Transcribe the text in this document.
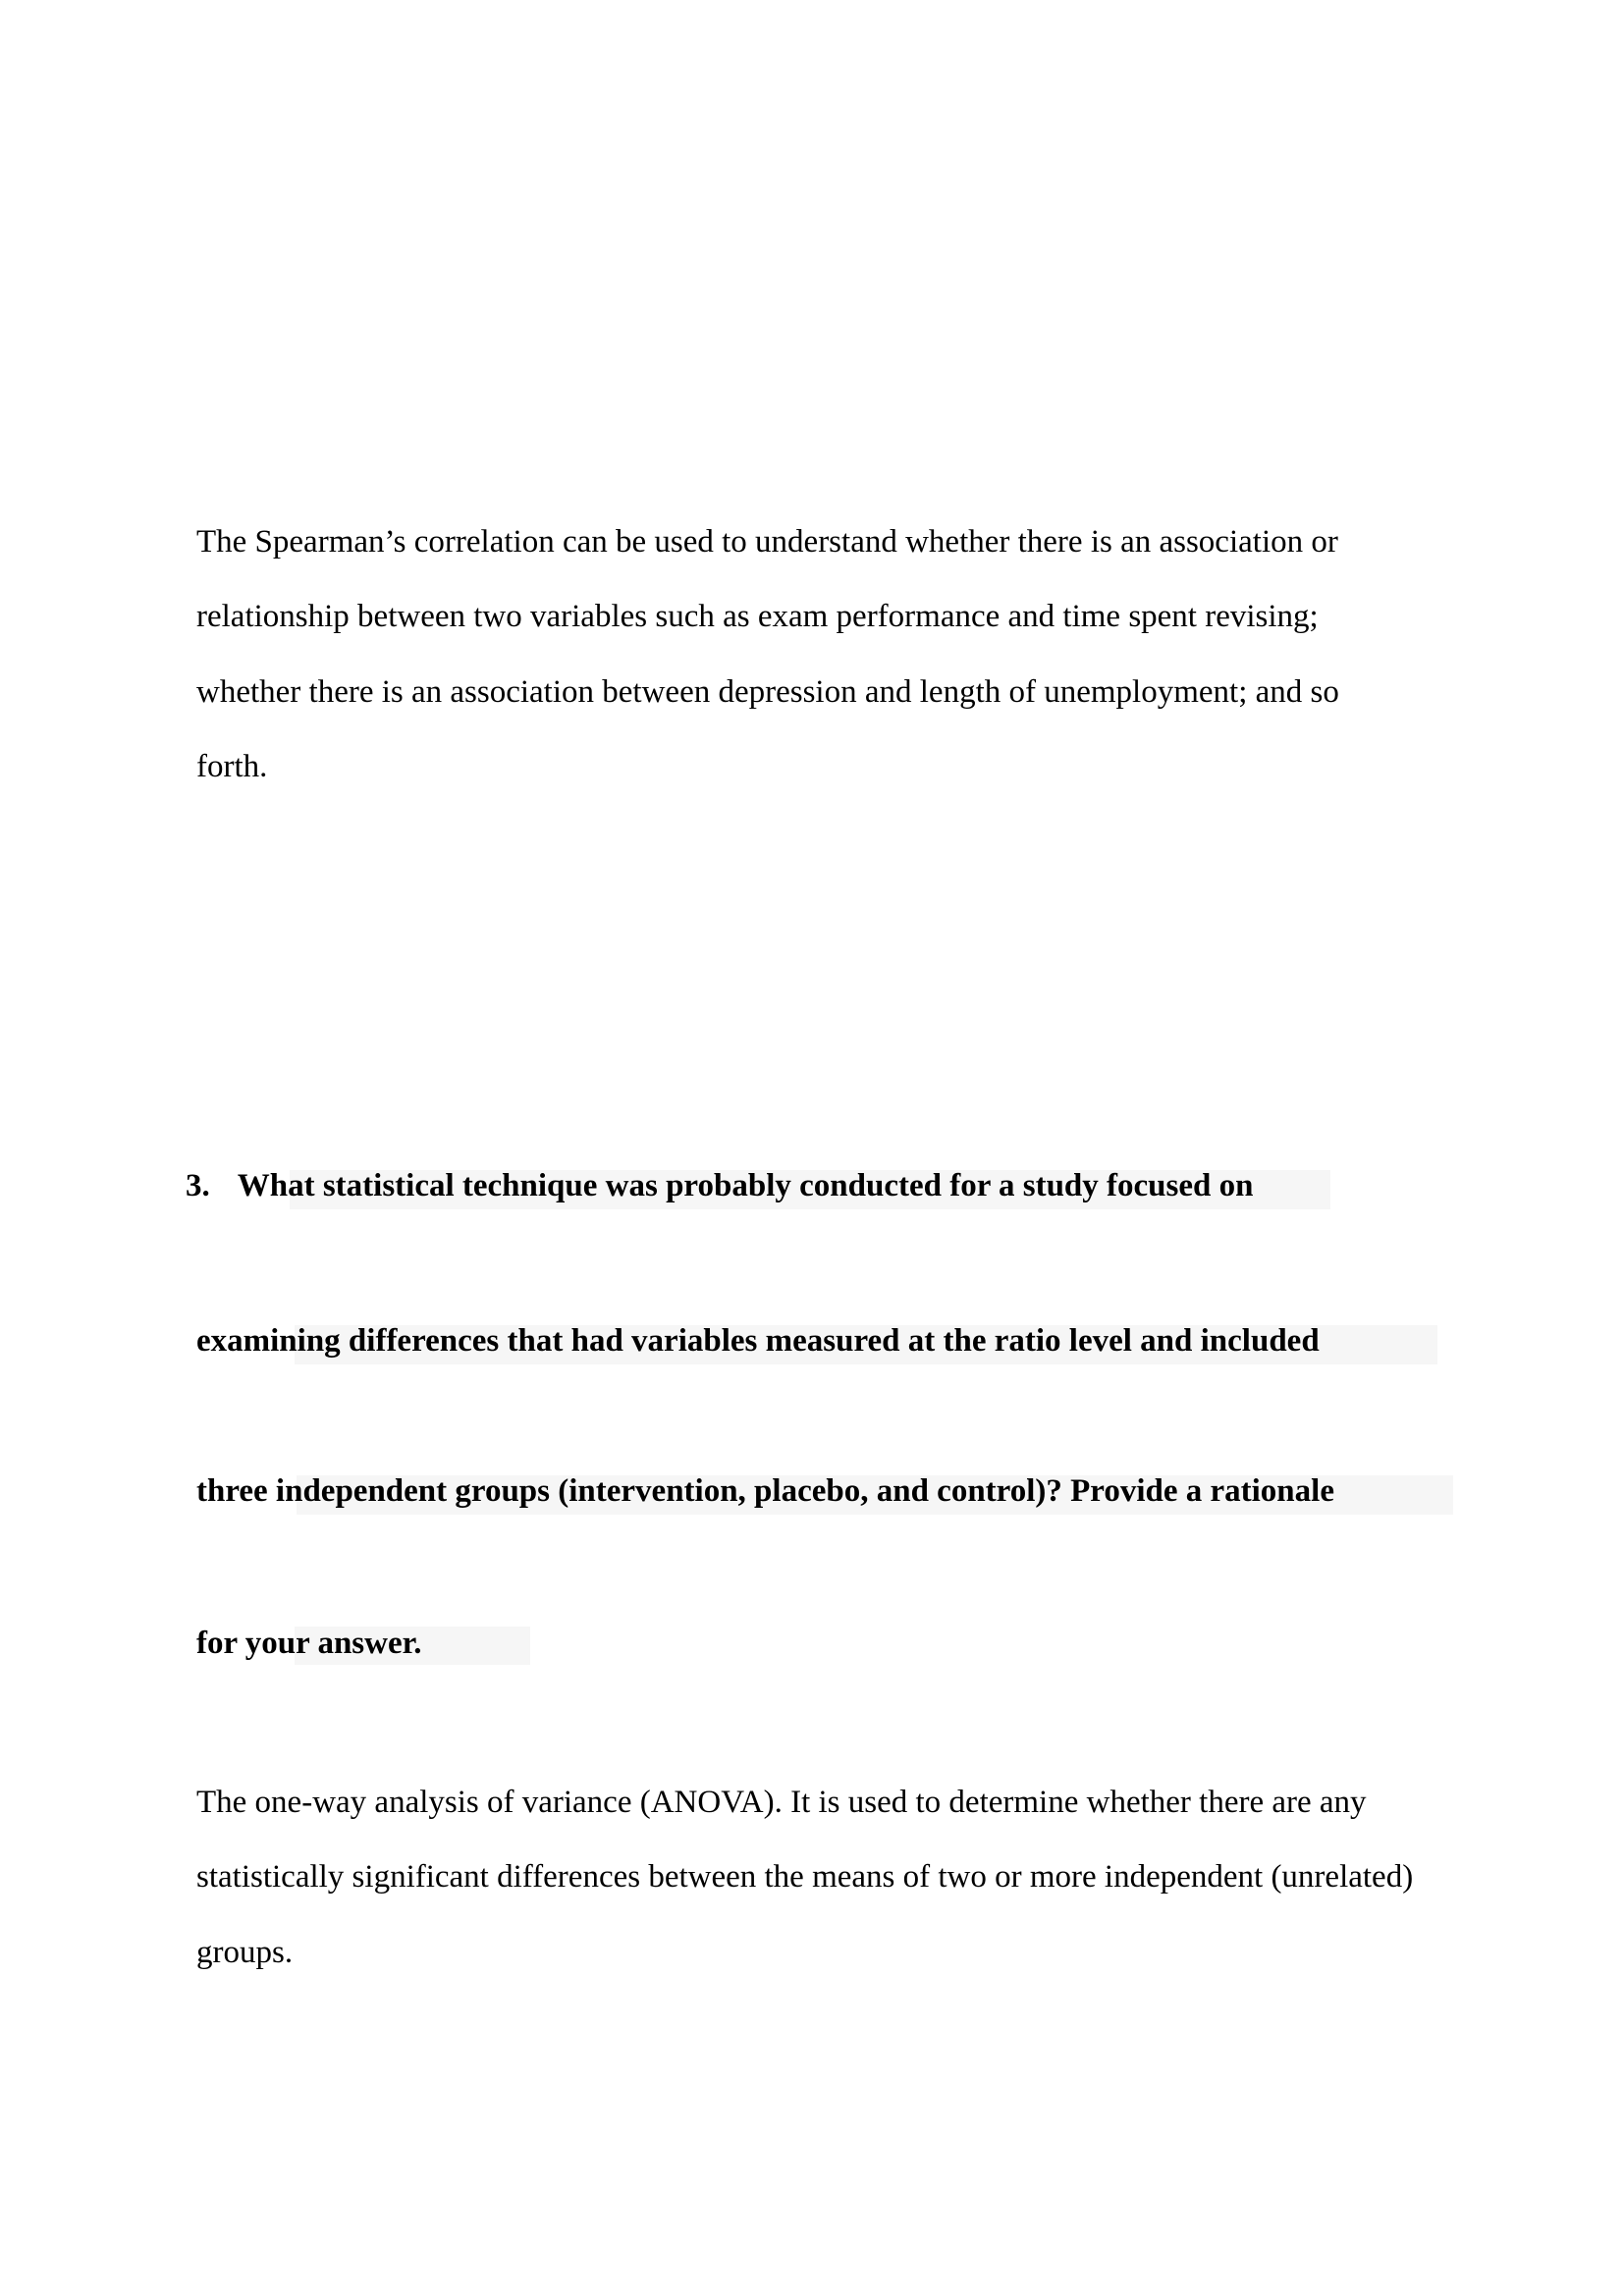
The Spearman’s correlation can be used to understand whether there is an association or
relationship between two variables such as exam performance and time spent revising;
whether there is an association between depression and length of unemployment; and so
forth.
3. What statistical technique was probably conducted for a study focused on
examining differences that had variables measured at the ratio level and included
three independent groups (intervention, placebo, and control)? Provide a rationale
for your answer.
The one-way analysis of variance (ANOVA). It is used to determine whether there are any
statistically significant differences between the means of two or more independent (unrelated)
groups.
